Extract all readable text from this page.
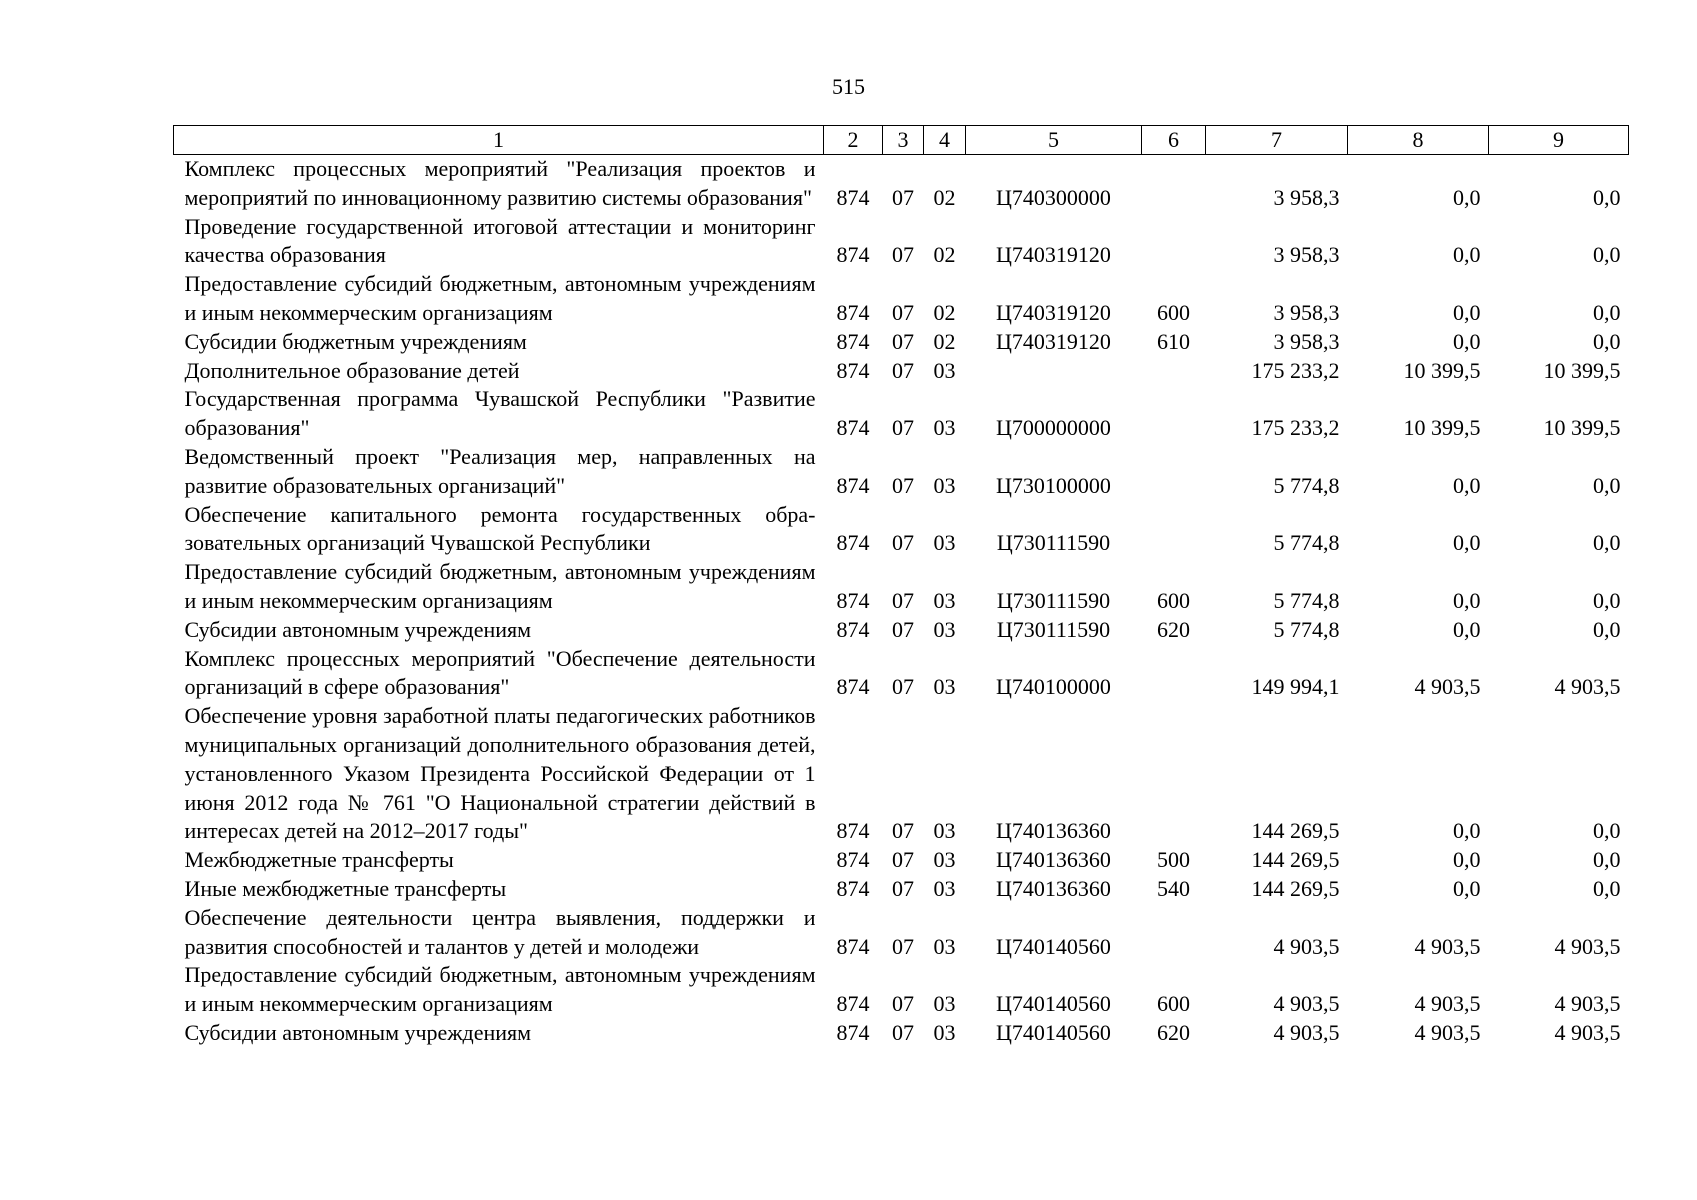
515
1	2	3	4	5	6	7	8	9
Комплекс процессных мероприятий "Реализация проектов и мероприятий по инновационному развитию системы образования"	874	07	02	Ц740300000		3 958,3	0,0	0,0
Проведение государственной итоговой аттестации и мониторинг качества образования	874	07	02	Ц740319120		3 958,3	0,0	0,0
Предоставление субсидий бюджетным, автономным учреждениям и иным некоммерческим организациям	874	07	02	Ц740319120	600	3 958,3	0,0	0,0
Субсидии бюджетным учреждениям	874	07	02	Ц740319120	610	3 958,3	0,0	0,0
Дополнительное образование детей	874	07	03			175 233,2	10 399,5	10 399,5
Государственная программа Чувашской Республики "Развитие образования"	874	07	03	Ц700000000		175 233,2	10 399,5	10 399,5
Ведомственный проект "Реализация мер, направленных на развитие образовательных организаций"	874	07	03	Ц730100000		5 774,8	0,0	0,0
Обеспечение капитального ремонта государственных образовательных организаций Чувашской Республики	874	07	03	Ц730111590		5 774,8	0,0	0,0
Предоставление субсидий бюджетным, автономным учреждениям и иным некоммерческим организациям	874	07	03	Ц730111590	600	5 774,8	0,0	0,0
Субсидии автономным учреждениям	874	07	03	Ц730111590	620	5 774,8	0,0	0,0
Комплекс процессных мероприятий "Обеспечение деятельности организаций в сфере образования"	874	07	03	Ц740100000		149 994,1	4 903,5	4 903,5
Обеспечение уровня заработной платы педагогических работников муниципальных организаций дополнительного образования детей, установленного Указом Президента Российской Федерации от 1 июня 2012 года № 761 "О Национальной стратегии действий в интересах детей на 2012–2017 годы"	874	07	03	Ц740136360		144 269,5	0,0	0,0
Межбюджетные трансферты	874	07	03	Ц740136360	500	144 269,5	0,0	0,0
Иные межбюджетные трансферты	874	07	03	Ц740136360	540	144 269,5	0,0	0,0
Обеспечение деятельности центра выявления, поддержки и развития способностей и талантов у детей и молодежи	874	07	03	Ц740140560		4 903,5	4 903,5	4 903,5
Предоставление субсидий бюджетным, автономным учреждениям и иным некоммерческим организациям	874	07	03	Ц740140560	600	4 903,5	4 903,5	4 903,5
Субсидии автономным учреждениям	874	07	03	Ц740140560	620	4 903,5	4 903,5	4 903,5
